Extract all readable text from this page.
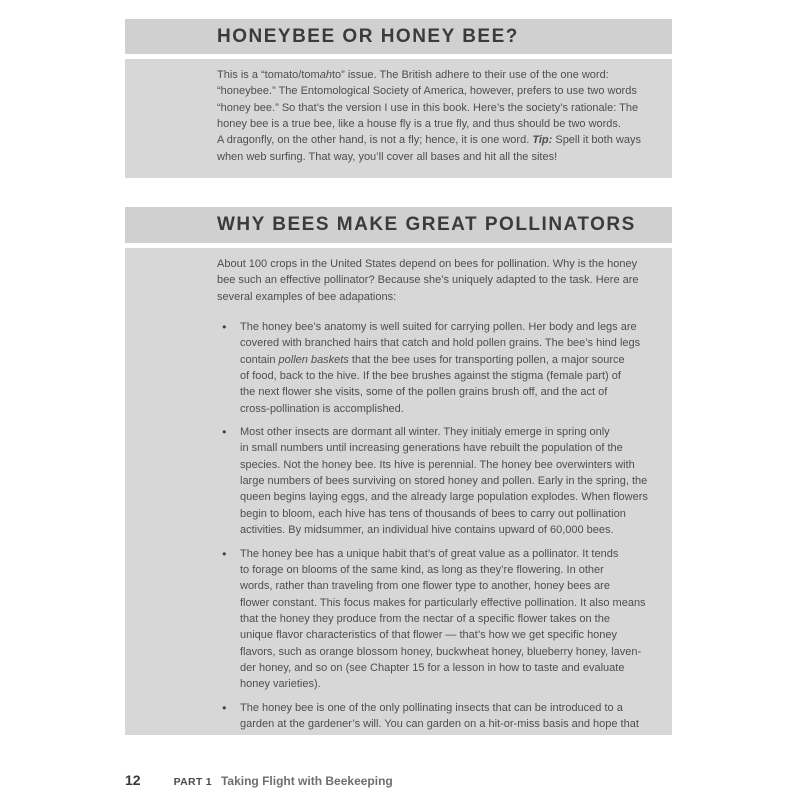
HONEYBEE OR HONEY BEE?
This is a “tomato/tomahto” issue. The British adhere to their use of the one word:
“honeybee.” The Entomological Society of America, however, prefers to use two words
“honey bee.” So that’s the version I use in this book. Here’s the society’s rationale: The
honey bee is a true bee, like a house fly is a true fly, and thus should be two words.
A dragonfly, on the other hand, is not a fly; hence, it is one word. Tip: Spell it both ways
when web surfing. That way, you’ll cover all bases and hit all the sites!
WHY BEES MAKE GREAT POLLINATORS
About 100 crops in the United States depend on bees for pollination. Why is the honey
bee such an effective pollinator? Because she’s uniquely adapted to the task. Here are
several examples of bee adapations:
●	The honey bee’s anatomy is well suited for carrying pollen. Her body and legs are
covered with branched hairs that catch and hold pollen grains. The bee’s hind legs
contain pollen baskets that the bee uses for transporting pollen, a major source
of food, back to the hive. If the bee brushes against the stigma (female part) of
the next flower she visits, some of the pollen grains brush off, and the act of
cross-pollination is accomplished.
●	Most other insects are dormant all winter. They initialy emerge in spring only
in small numbers until increasing generations have rebuilt the population of the
species. Not the honey bee. Its hive is perennial. The honey bee overwinters with
large numbers of bees surviving on stored honey and pollen. Early in the spring, the
queen begins laying eggs, and the already large population explodes. When flowers
begin to bloom, each hive has tens of thousands of bees to carry out pollination
activities. By midsummer, an individual hive contains upward of 60,000 bees.
●	The honey bee has a unique habit that’s of great value as a pollinator. It tends
to forage on blooms of the same kind, as long as they’re flowering. In other
words, rather than traveling from one flower type to another, honey bees are
flower constant. This focus makes for particularly effective pollination. It also means
that the honey they produce from the nectar of a specific flower takes on the
unique flavor characteristics of that flower — that’s how we get specific honey
flavors, such as orange blossom honey, buckwheat honey, blueberry honey, laven-
der honey, and so on (see Chapter 15 for a lesson in how to taste and evaluate
honey varieties).
●	The honey bee is one of the only pollinating insects that can be introduced to a
garden at the gardener’s will. You can garden on a hit-or-miss basis and hope that
12	PART 1 Taking Flight with Beekeeping
